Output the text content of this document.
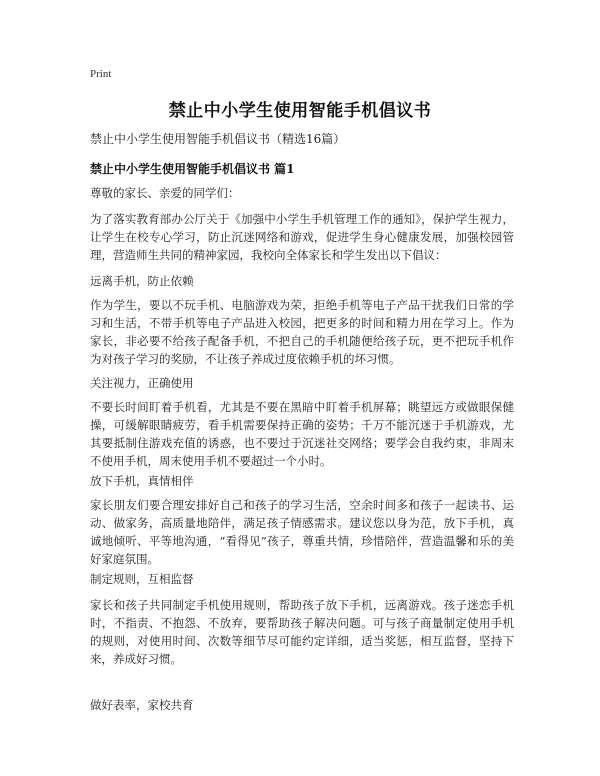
Print
禁止中小学生使用智能手机倡议书
禁止中小学生使用智能手机倡议书（精选16篇）
禁止中小学生使用智能手机倡议书 篇1
尊敬的家长、亲爱的同学们：
为了落实教育部办公厅关于《加强中小学生手机管理工作的通知》，保护学生视力，让学生在校专心学习，防止沉迷网络和游戏，促进学生身心健康发展，加强校园管理，营造师生共同的精神家园，我校向全体家长和学生发出以下倡议：
远离手机，防止依赖
作为学生，要以不玩手机、电脑游戏为荣，拒绝手机等电子产品干扰我们日常的学习和生活，不带手机等电子产品进入校园，把更多的时间和精力用在学习上。作为家长，非必要不给孩子配备手机，不把自己的手机随便给孩子玩，更不把玩手机作为对孩子学习的奖励，不让孩子养成过度依赖手机的坏习惯。
关注视力，正确使用
不要长时间盯着手机看，尤其是不要在黑暗中盯着手机屏幕；眺望远方或做眼保健操，可缓解眼睛疲劳，看手机需要保持正确的姿势；千万不能沉迷于手机游戏，尤其要抵制住游戏充值的诱惑，也不要过于沉迷社交网络；要学会自我约束，非周末不使用手机，周末使用手机不要超过一个小时。
放下手机，真情相伴
家长朋友们要合理安排好自己和孩子的学习生活，空余时间多和孩子一起读书、运动、做家务，高质量地陪伴，满足孩子情感需求。建议您以身为范，放下手机，真诚地倾听、平等地沟通，“看得见”孩子，尊重共情，珍惜陪伴，营造温馨和乐的美好家庭氛围。
制定规则，互相监督
家长和孩子共同制定手机使用规则，帮助孩子放下手机，远离游戏。孩子迷恋手机时，不指责、不抱怨、不放弃，要帮助孩子解决问题。可与孩子商量制定使用手机的规则，对使用时间、次数等细节尽可能约定详细，适当奖惩，相互监督，坚持下来，养成好习惯。
做好表率，家校共育
